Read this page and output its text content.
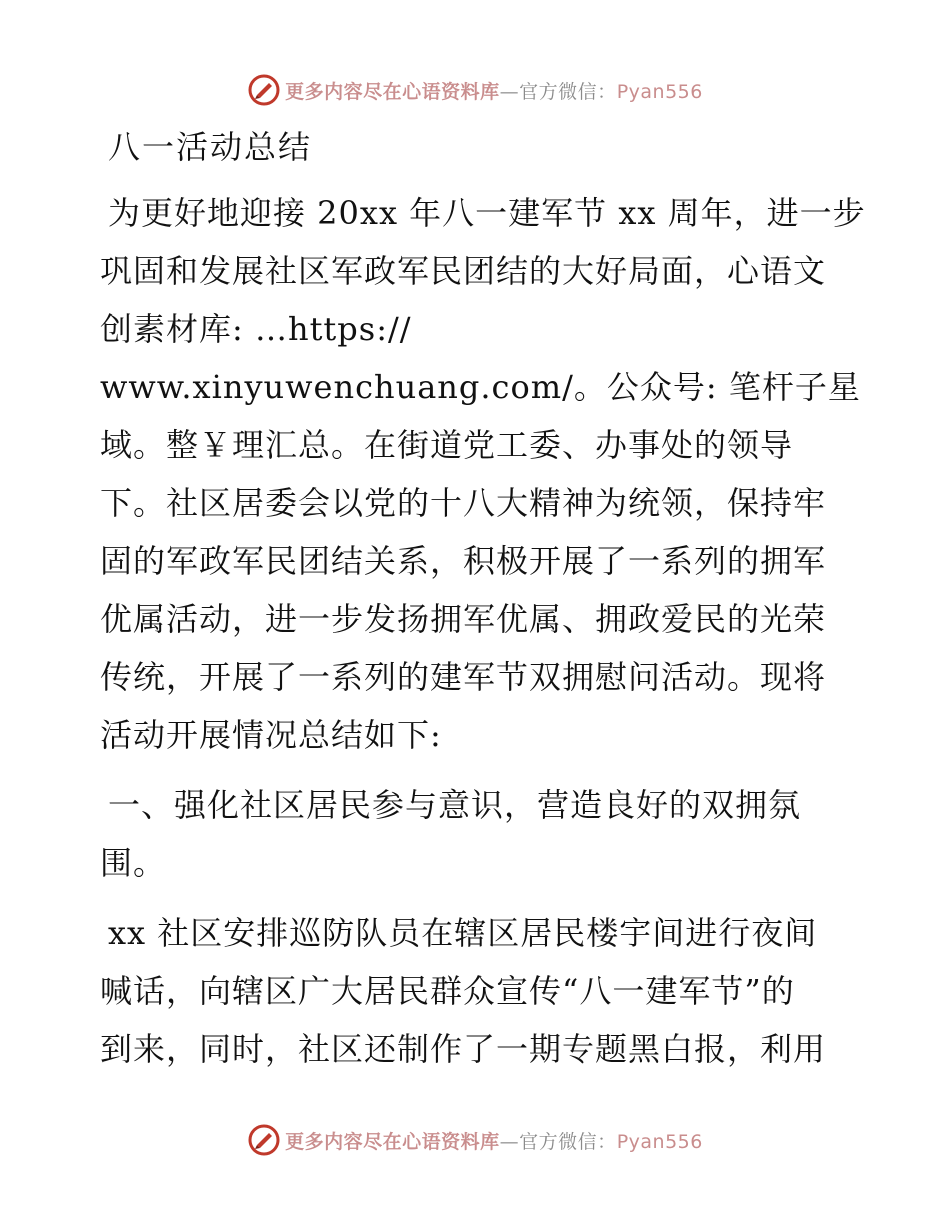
更多内容尽在心语资料库—官方微信：Pyan556
八一活动总结
为更好地迎接 20xx 年八一建军节 xx 周年，进一步
巩固和发展社区军政军民团结的大好局面，心语文
创素材库: …https://
www.xinyuwenchuang.com/。公众号: 笔杆子星
域。整￥理汇总。在街道党工委、办事处的领导
下。社区居委会以党的十八大精神为统领，保持牢
固的军政军民团结关系，积极开展了一系列的拥军
优属活动，进一步发扬拥军优属、拥政爱民的光荣
传统，开展了一系列的建军节双拥慰问活动。现将
活动开展情况总结如下:
一、强化社区居民参与意识，营造良好的双拥氛
围。
xx 社区安排巡防队员在辖区居民楼宇间进行夜间
喊话，向辖区广大居民群众宣传“八一建军节”的
到来，同时，社区还制作了一期专题黑白报，利用
更多内容尽在心语资料库—官方微信：Pyan556
